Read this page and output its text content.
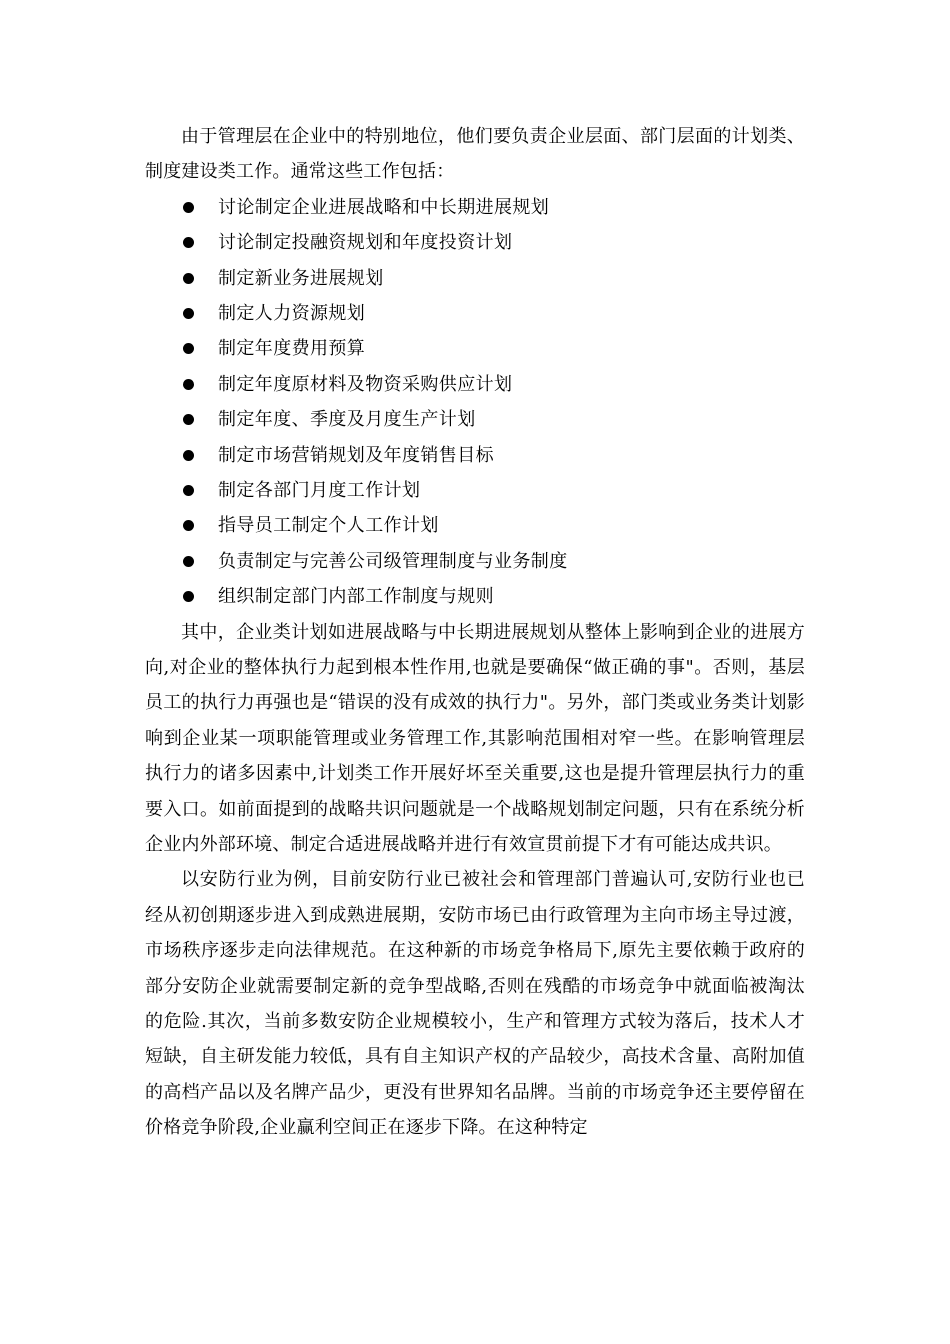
由于管理层在企业中的特别地位，他们要负责企业层面、部门层面的计划类、制度建设类工作。通常这些工作包括：

讨论制定企业进展战略和中长期进展规划
讨论制定投融资规划和年度投资计划
制定新业务进展规划
制定人力资源规划
制定年度费用预算
制定年度原材料及物资采购供应计划
制定年度、季度及月度生产计划
制定市场营销规划及年度销售目标
制定各部门月度工作计划
指导员工制定个人工作计划
负责制定与完善公司级管理制度与业务制度
组织制定部门内部工作制度与规则

其中，企业类计划如进展战略与中长期进展规划从整体上影响到企业的进展方向,对企业的整体执行力起到根本性作用,也就是要确保“做正确的事"。否则，基层员工的执行力再强也是“错误的没有成效的执行力"。另外，部门类或业务类计划影响到企业某一项职能管理或业务管理工作,其影响范围相对窄一些。在影响管理层执行力的诸多因素中,计划类工作开展好坏至关重要,这也是提升管理层执行力的重要入口。如前面提到的战略共识问题就是一个战略规划制定问题，只有在系统分析企业内外部环境、制定合适进展战略并进行有效宣贯前提下才有可能达成共识。

以安防行业为例，目前安防行业已被社会和管理部门普遍认可,安防行业也已经从初创期逐步进入到成熟进展期，安防市场已由行政管理为主向市场主导过渡，市场秩序逐步走向法律规范。在这种新的市场竞争格局下,原先主要依赖于政府的部分安防企业就需要制定新的竞争型战略,否则在残酷的市场竞争中就面临被淘汰的危险.其次，当前多数安防企业规模较小，生产和管理方式较为落后，技术人才短缺，自主研发能力较低，具有自主知识产权的产品较少，高技术含量、高附加值的高档产品以及名牌产品少，更没有世界知名品牌。当前的市场竞争还主要停留在价格竞争阶段,企业赢利空间正在逐步下降。在这种特定
